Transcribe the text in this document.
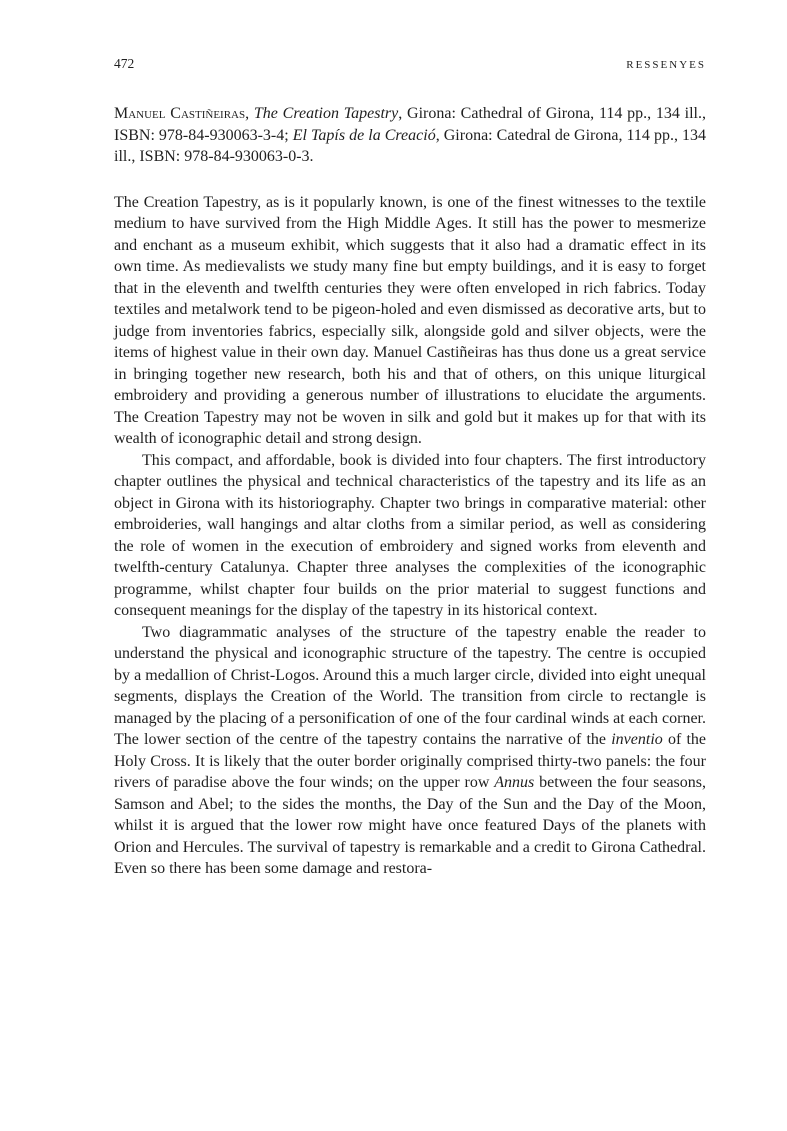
472	RESSENYES
Manuel Castiñeiras, The Creation Tapestry, Girona: Cathedral of Girona, 114 pp., 134 ill., ISBN: 978-84-930063-3-4; El Tapís de la Creació, Girona: Catedral de Girona, 114 pp., 134 ill., ISBN: 978-84-930063-0-3.

The Creation Tapestry, as is it popularly known, is one of the finest witnesses to the textile medium to have survived from the High Middle Ages. It still has the power to mesmerize and enchant as a museum exhibit, which suggests that it also had a dramatic effect in its own time. As medievalists we study many fine but empty buildings, and it is easy to forget that in the eleventh and twelfth centuries they were often enveloped in rich fabrics. Today textiles and metalwork tend to be pigeon-holed and even dismissed as decorative arts, but to judge from inventories fabrics, especially silk, alongside gold and silver objects, were the items of highest value in their own day. Manuel Castiñeiras has thus done us a great service in bringing together new research, both his and that of others, on this unique liturgical embroidery and providing a generous number of illustrations to elucidate the arguments. The Creation Tapestry may not be woven in silk and gold but it makes up for that with its wealth of iconographic detail and strong design.

This compact, and affordable, book is divided into four chapters. The first introductory chapter outlines the physical and technical characteristics of the tapestry and its life as an object in Girona with its historiography. Chapter two brings in comparative material: other embroideries, wall hangings and altar cloths from a similar period, as well as considering the role of women in the execution of embroidery and signed works from eleventh and twelfth-century Catalunya. Chapter three analyses the complexities of the iconographic programme, whilst chapter four builds on the prior material to suggest functions and consequent meanings for the display of the tapestry in its historical context.

Two diagrammatic analyses of the structure of the tapestry enable the reader to understand the physical and iconographic structure of the tapestry. The centre is occupied by a medallion of Christ-Logos. Around this a much larger circle, divided into eight unequal segments, displays the Creation of the World. The transition from circle to rectangle is managed by the placing of a personification of one of the four cardinal winds at each corner. The lower section of the centre of the tapestry contains the narrative of the inventio of the Holy Cross. It is likely that the outer border originally comprised thirty-two panels: the four rivers of paradise above the four winds; on the upper row Annus between the four seasons, Samson and Abel; to the sides the months, the Day of the Sun and the Day of the Moon, whilst it is argued that the lower row might have once featured Days of the planets with Orion and Hercules. The survival of tapestry is remarkable and a credit to Girona Cathedral. Even so there has been some damage and restora-
